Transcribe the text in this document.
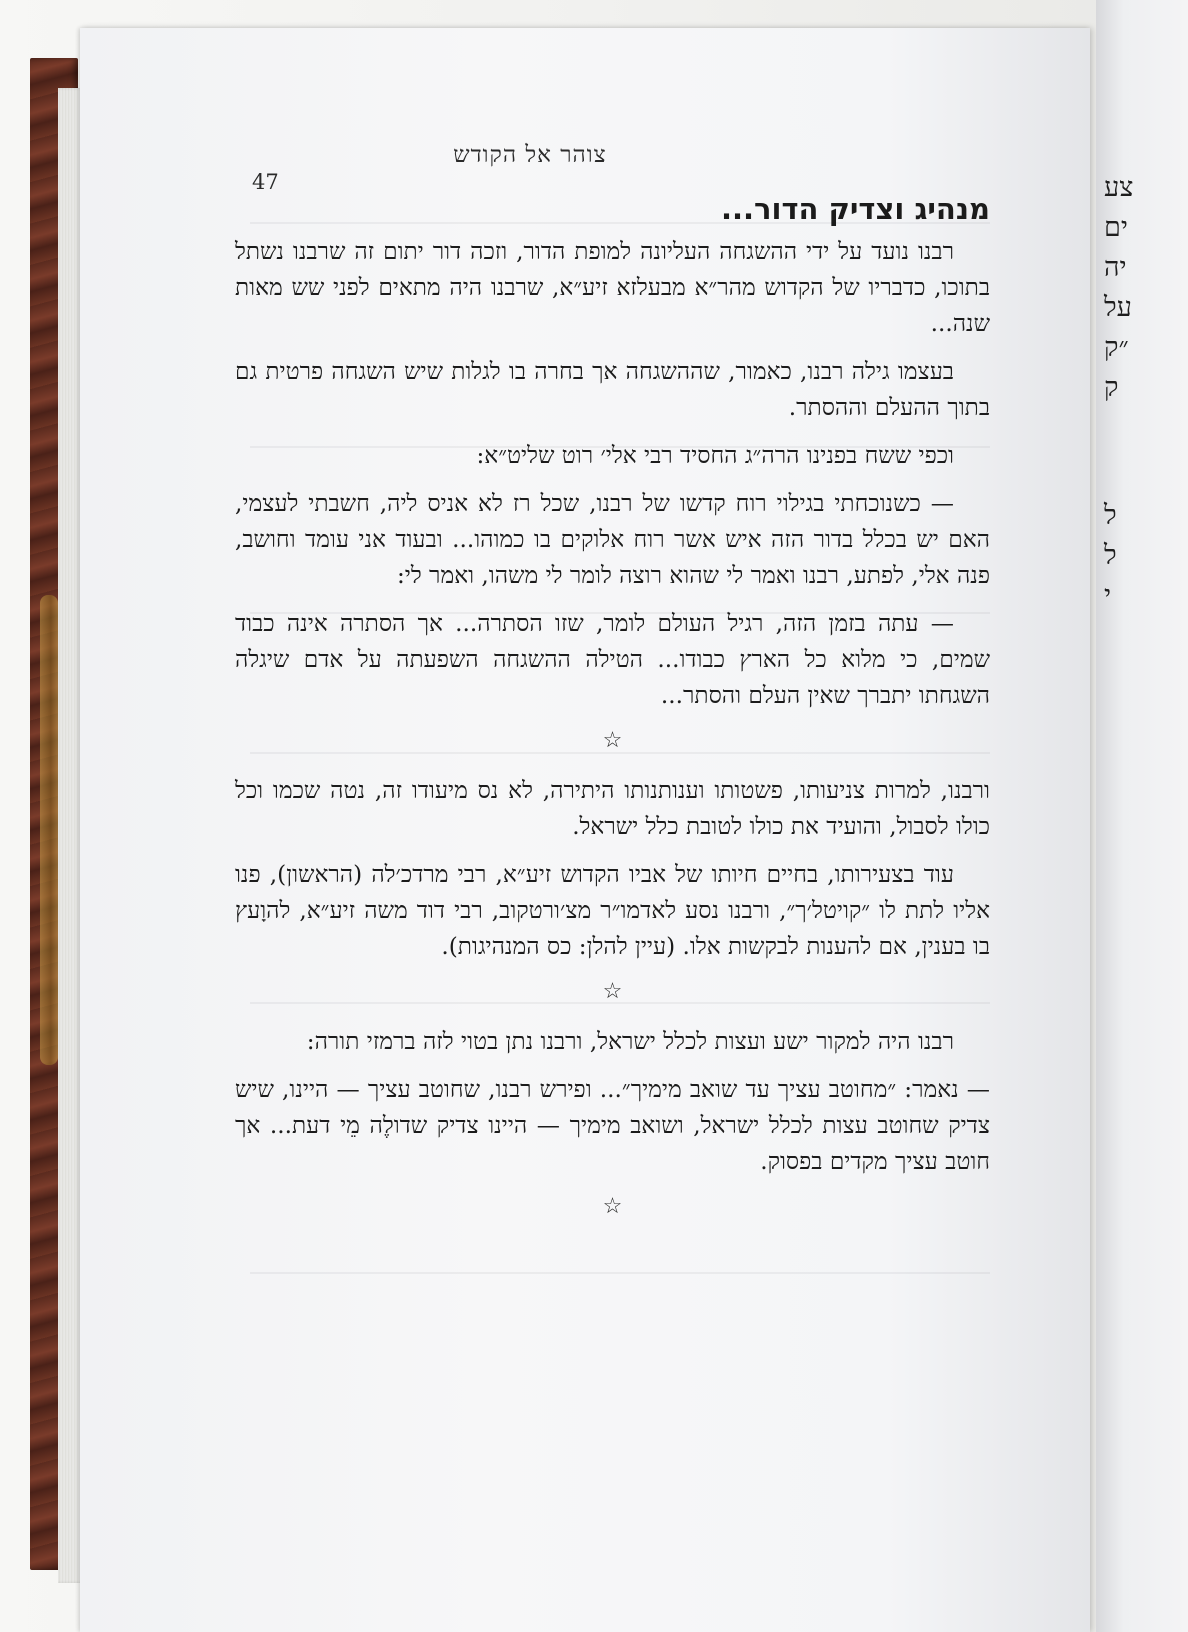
צע
ים
יה
על
״ק
ק
ל
ל
י
צוהר אל הקודש
47
מנהיג וצדיק הדור...

רבנו נועד על ידי ההשגחה העליונה למופת הדור, וזכה דור יתום זה שרבנו נשתל בתוכו, כדבריו של הקדוש מהר״א מבעלזא זיע״א, שרבנו היה מתאים לפני שש מאות שנה...

בעצמו גילה רבנו, כאמור, שההשגחה אך בחרה בו לגלות שיש השגחה פרטית גם בתוך ההעלם וההסתר.

וכפי ששח בפנינו הרה״ג החסיד רבי אלי׳ רוט שליט״א:

— כשנוכחתי בגילוי רוח קדשו של רבנו, שכל רז לא אניס ליה, חשבתי לעצמי, האם יש בכלל בדור הזה איש אשר רוח אלוקים בו כמוהו... ובעוד אני עומד וחושב, פנה אלי, לפתע, רבנו ואמר לי שהוא רוצה לומר לי משהו, ואמר לי:

— עתה בזמן הזה, רגיל העולם לומר, שזו הסתרה... אך הסתרה אינה כבוד שמים, כי מלוא כל הארץ כבודו... הטילה ההשגחה השפעתה על אדם שיגלה השגחתו יתברך שאין העלם והסתר...

☆

ורבנו, למרות צניעותו, פשטותו וענותנותו היתירה, לא נס מיעודו זה, נטה שכמו וכל כולו לסבול, והועיד את כולו לטובת כלל ישראל.

עוד בצעירותו, בחיים חיותו של אביו הקדוש זיע״א, רבי מרדכ׳לה (הראשון), פנו אליו לתת לו ״קויטל׳ך״, ורבנו נסע לאדמו״ר מצ׳ורטקוב, רבי דוד משה זיע״א, להוָעץ בו בענין, אם להענות לבקשות אלו. (עיין להלן: כס המנהיגות).

☆

רבנו היה למקור ישע ועצות לכלל ישראל, ורבנו נתן בטוי לזה ברמזי תורה:

— נאמר: ״מחוטב עציך עד שואב מימיך״... ופירש רבנו, שחוטב עציך — היינו, שיש צדיק שחוטב עצות לכלל ישראל, ושואב מימיך — היינו צדיק שדולֶה מֵי דעת... אך חוטב עציך מקדים בפסוק.

☆
